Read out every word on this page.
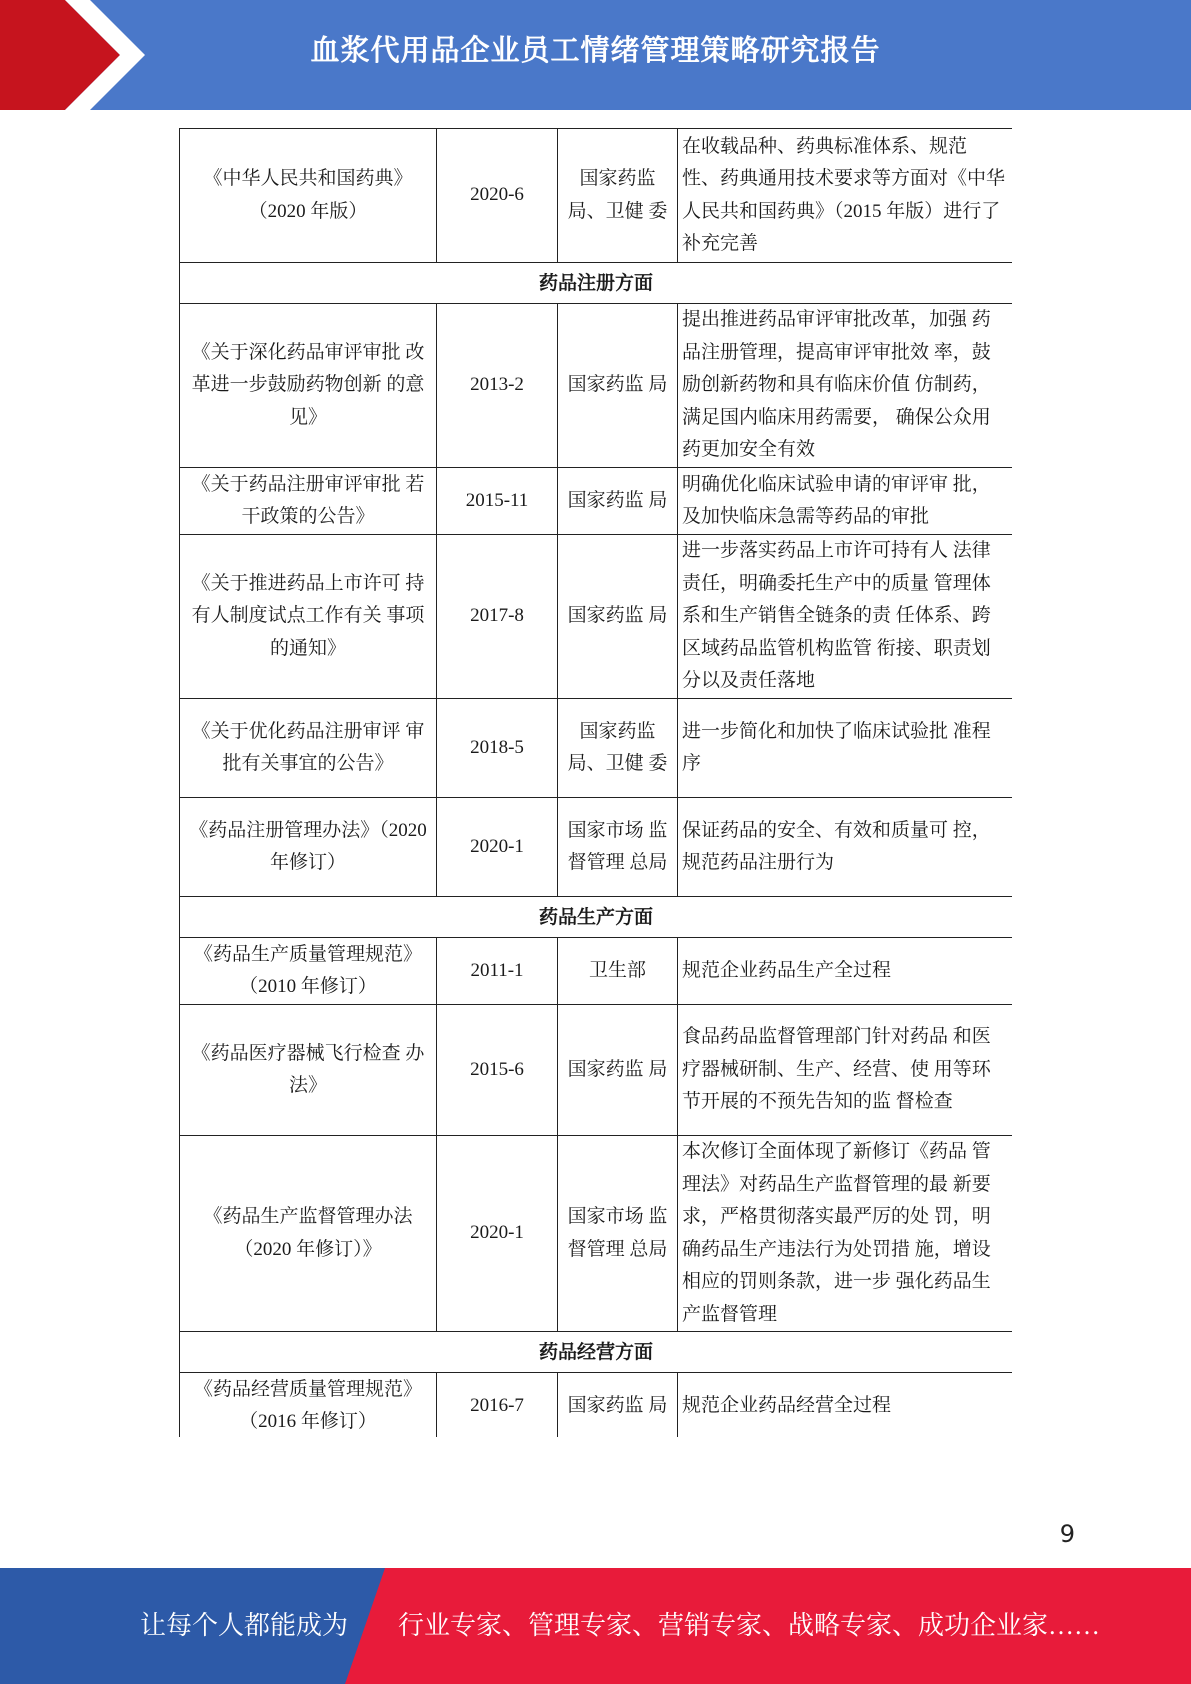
血浆代用品企业员工情绪管理策略研究报告
《中华人民共和国药典》（2020 年版）	2020-6	国家药监局、卫健 委	在收载品种、药典标准体系、规范 性、药典通用技术要求等方面对《中华人民共和国药典》（2015 年版）进行了补充完善
药品注册方面			
《关于深化药品审评审批 改革进一步鼓励药物创新 的意见》	2013-2	国家药监 局	提出推进药品审评审批改革，加强 药品注册管理，提高审评审批效 率，鼓励创新药物和具有临床价值 仿制药，满足国内临床用药需要， 确保公众用药更加安全有效
《关于药品注册审评审批 若干政策的公告》	2015-11	国家药监 局	明确优化临床试验申请的审评审 批，及加快临床急需等药品的审批
《关于推进药品上市许可 持有人制度试点工作有关 事项的通知》	2017-8	国家药监 局	进一步落实药品上市许可持有人 法律责任，明确委托生产中的质量 管理体系和生产销售全链条的责 任体系、跨区域药品监管机构监管 衔接、职责划分以及责任落地
《关于优化药品注册审评 审批有关事宜的公告》	2018-5	国家药监局、卫健 委	进一步简化和加快了临床试验批 准程序
《药品注册管理办法》（2020 年修订）	2020-1	国家市场 监督管理 总局	保证药品的安全、有效和质量可 控，规范药品注册行为
药品生产方面			
《药品生产质量管理规范》（2010 年修订）	2011-1	卫生部	规范企业药品生产全过程
《药品医疗器械飞行检查 办法》	2015-6	国家药监 局	食品药品监督管理部门针对药品 和医疗器械研制、生产、经营、使 用等环节开展的不预先告知的监 督检查
《药品生产监督管理办法（2020 年修订）》	2020-1	国家市场 监督管理 总局	本次修订全面体现了新修订《药品 管理法》对药品生产监督管理的最 新要求，严格贯彻落实最严厉的处 罚，明确药品生产违法行为处罚措 施，增设相应的罚则条款，进一步 强化药品生产监督管理
药品经营方面			
《药品经营质量管理规范》（2016 年修订）	2016-7	国家药监 局	规范企业药品经营全过程
9
让每个人都能成为 行业专家、管理专家、营销专家、战略专家、成功企业家……
